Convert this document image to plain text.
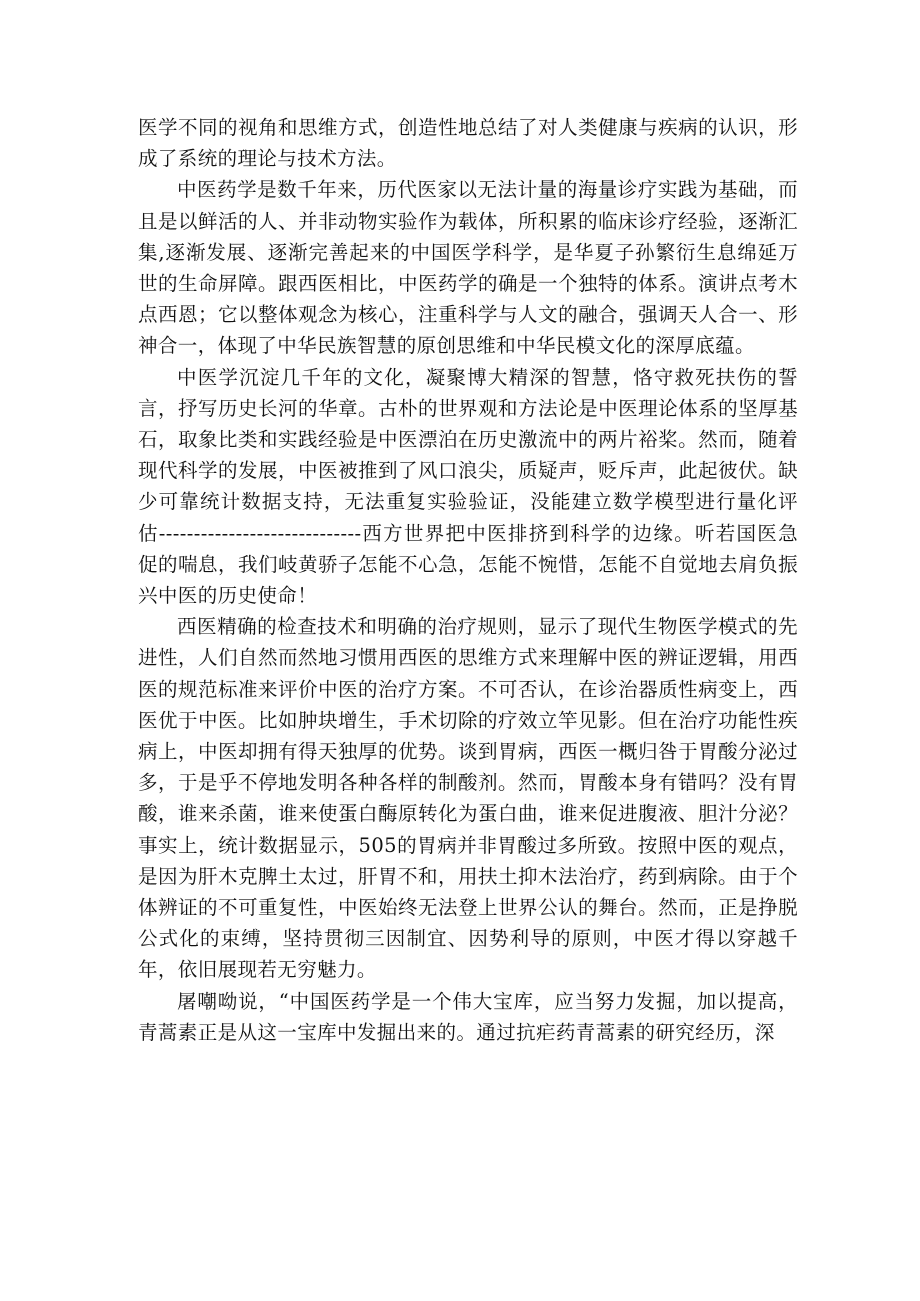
医学不同的视角和思维方式，创造性地总结了对人类健康与疾病的认识，形成了系统的理论与技术方法。

中医药学是数千年来，历代医家以无法计量的海量诊疗实践为基础，而且是以鲜活的人、并非动物实验作为载体，所积累的临床诊疗经验，逐渐汇集,逐渐发展、逐渐完善起来的中国医学科学，是华夏子孙繁衍生息绵延万世的生命屏障。跟西医相比，中医药学的确是一个独特的体系。演讲点考木点西恩；它以整体观念为核心，注重科学与人文的融合，强调天人合一、形神合一，体现了中华民族智慧的原创思维和中华民模文化的深厚底蕴。

中医学沉淀几千年的文化，凝聚博大精深的智慧，恪守救死扶伤的誓言，抒写历史长河的华章。古朴的世界观和方法论是中医理论体系的坚厚基石，取象比类和实践经验是中医漂泊在历史激流中的两片裕桨。然而，随着现代科学的发展，中医被推到了风口浪尖，质疑声，贬斥声，此起彼伏。缺少可靠统计数据支持，无法重复实验验证，没能建立数学模型进行量化评估-----------------------------西方世界把中医排挤到科学的边缘。听若国医急促的喘息，我们岐黄骄子怎能不心急，怎能不惋惜，怎能不自觉地去肩负振兴中医的历史使命！

西医精确的检查技术和明确的治疗规则，显示了现代生物医学模式的先进性，人们自然而然地习惯用西医的思维方式来理解中医的辨证逻辑，用西医的规范标准来评价中医的治疗方案。不可否认，在诊治器质性病变上，西医优于中医。比如肿块增生，手术切除的疗效立竿见影。但在治疗功能性疾病上，中医却拥有得天独厚的优势。谈到胃病，西医一概归咎于胃酸分泌过多，于是乎不停地发明各种各样的制酸剂。然而，胃酸本身有错吗？没有胃酸，谁来杀菌，谁来使蛋白酶原转化为蛋白曲，谁来促进腹液、胆汁分泌？事实上，统计数据显示，505的胃病并非胃酸过多所致。按照中医的观点，是因为肝木克脾土太过，肝胃不和，用扶土抑木法治疗，药到病除。由于个体辨证的不可重复性，中医始终无法登上世界公认的舞台。然而，正是挣脱公式化的束缚，坚持贯彻三因制宜、因势利导的原则，中医才得以穿越千年，依旧展现若无穷魅力。

屠嘲呦说，“中国医药学是一个伟大宝库，应当努力发掘，加以提高，青蒿素正是从这一宝库中发掘出来的。通过抗疟药青蒿素的研究经历，深
